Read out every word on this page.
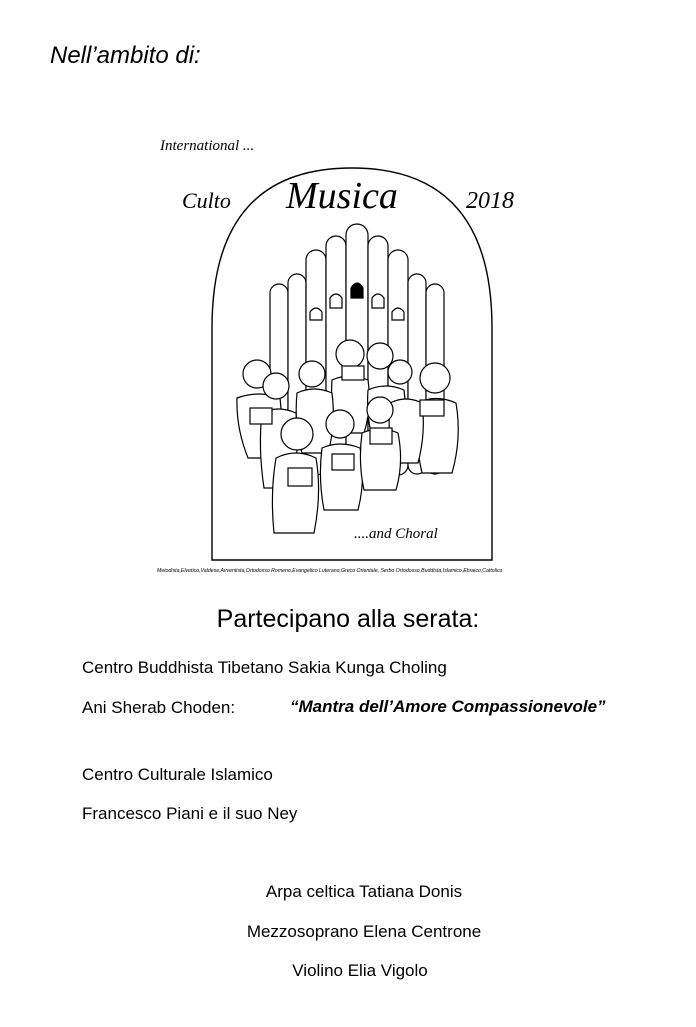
Nell’ambito di:
International ...
Culto Musica	2018
....and Choral
Metodista,Elvetico,Valdese,Avventista,Ortodosso Romeno,Evangelico Luterano,Greco Orientale, Serbo Ortodosso,Buddista,Islamico,Ebraico,Cattolico
Partecipano alla serata:
Centro Buddhista Tibetano Sakia Kunga Choling
Ani Sherab Choden:	“Mantra dell’Amore Compassionevole”
Centro Culturale Islamico
Francesco Piani e il suo Ney
Arpa celtica Tatiana Donis
Mezzosoprano Elena Centrone
Violino Elia Vigolo
